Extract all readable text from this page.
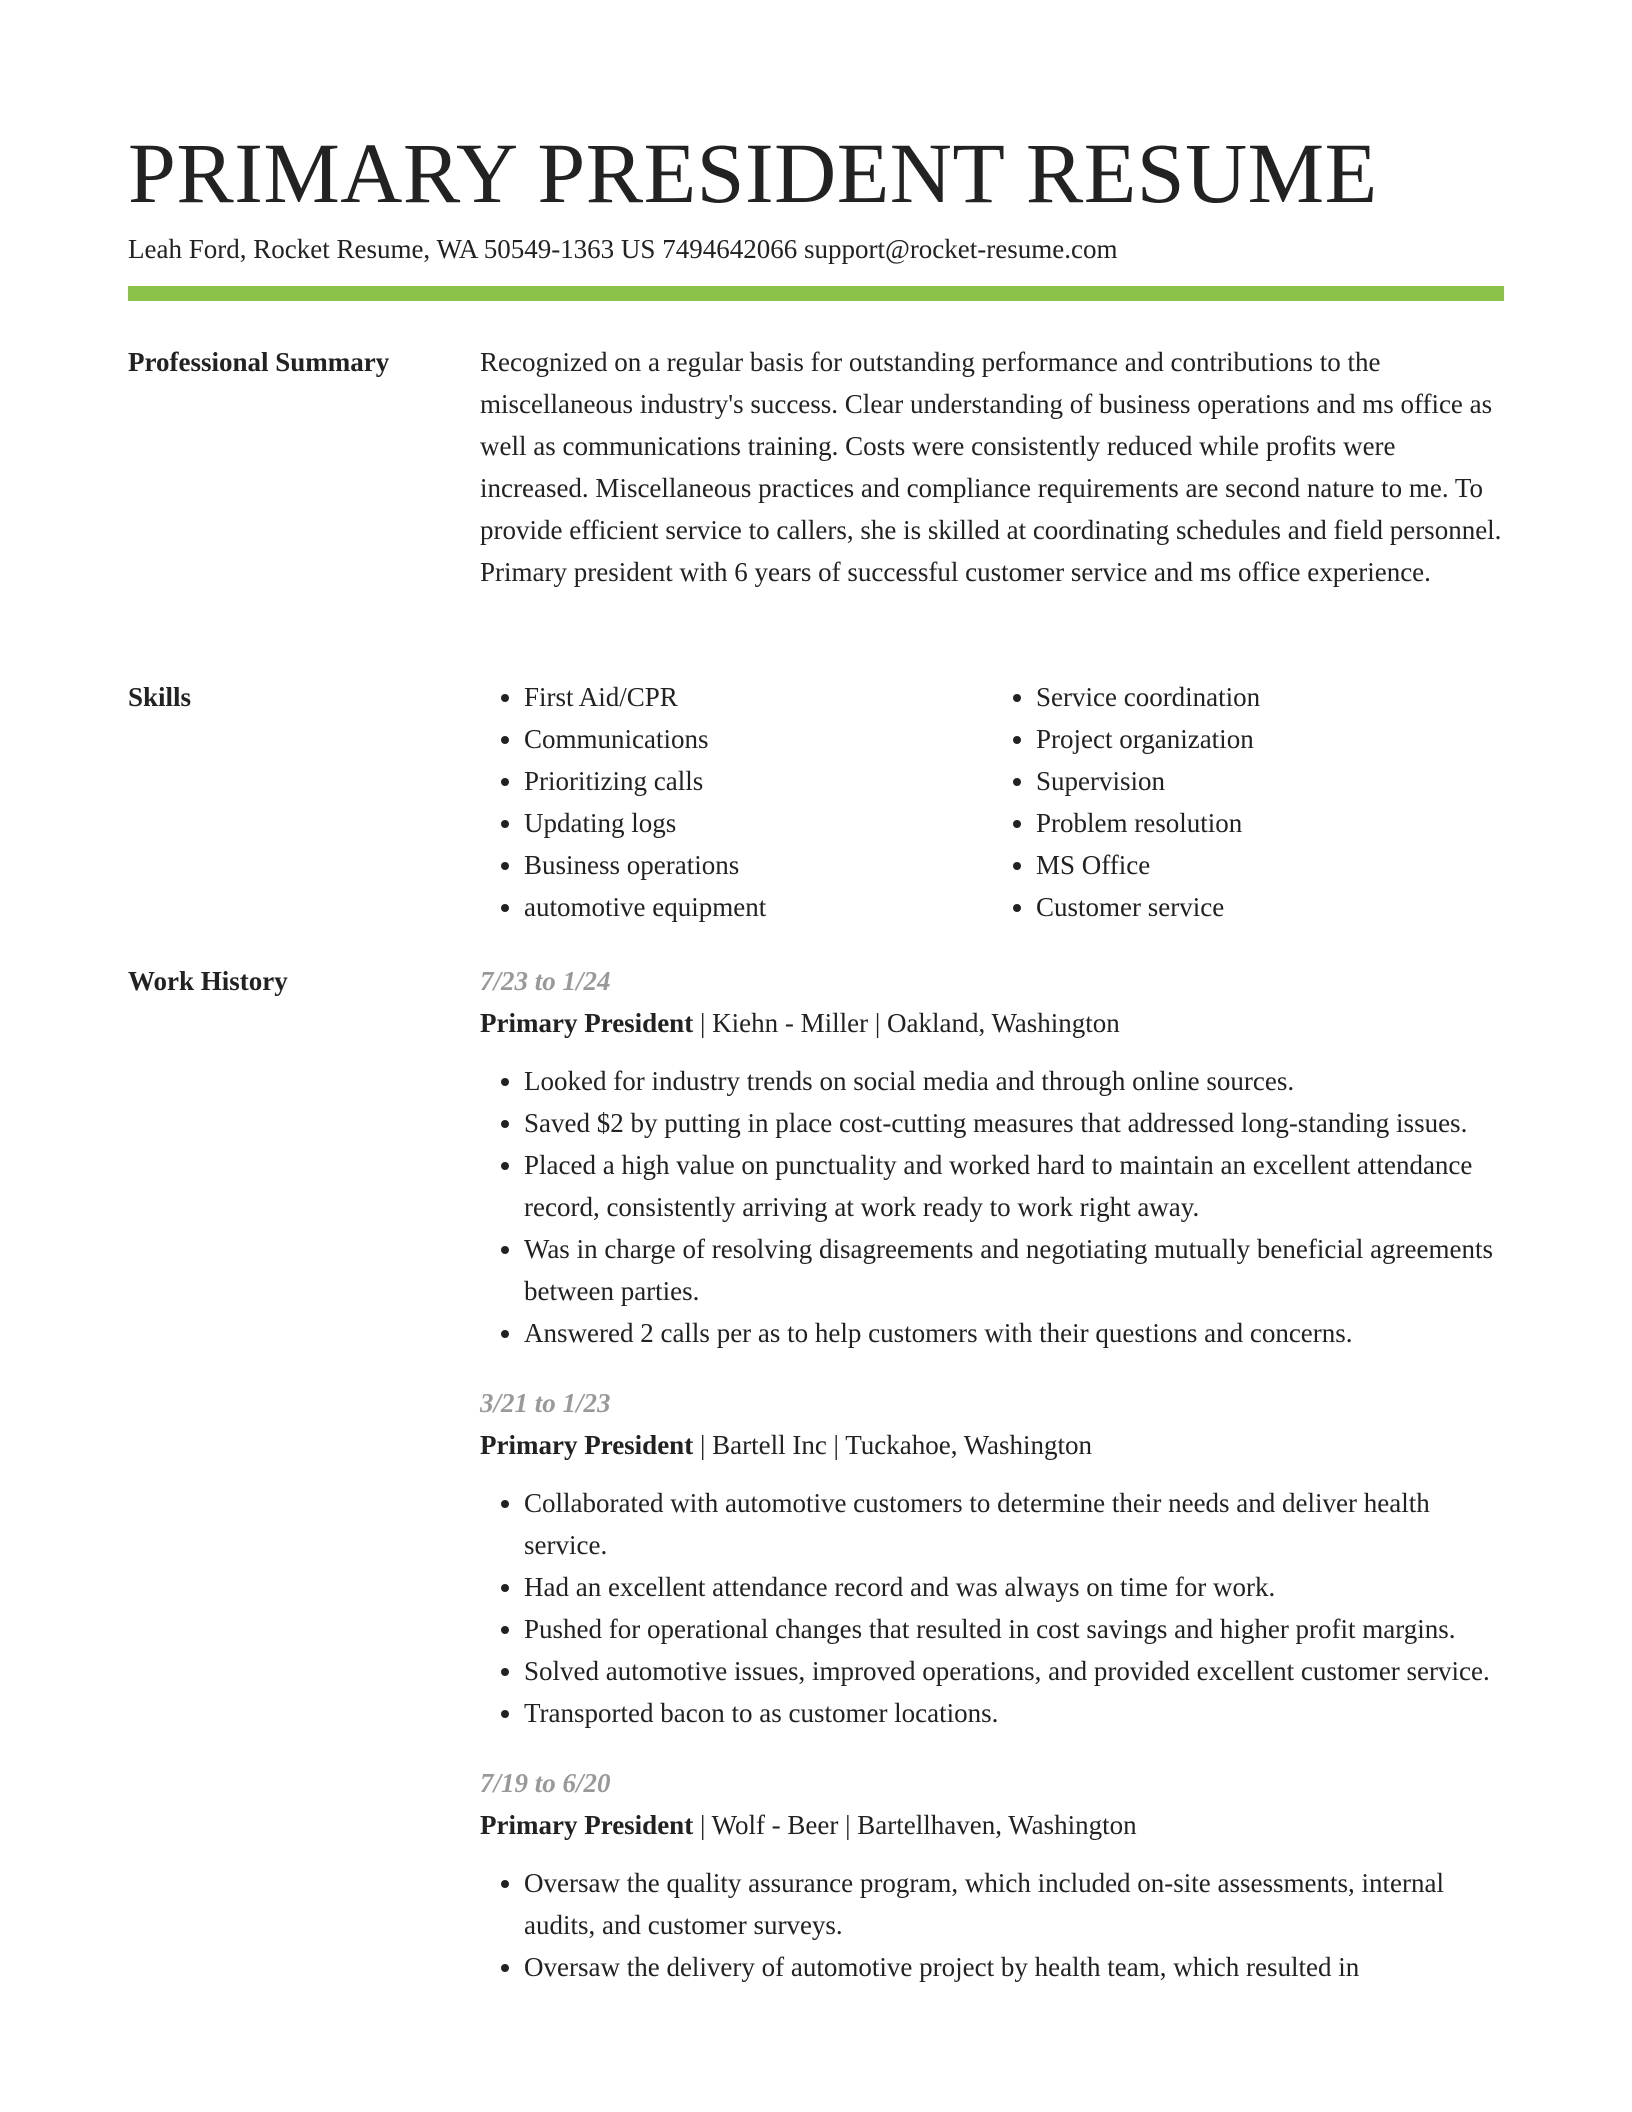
PRIMARY PRESIDENT RESUME
Leah Ford, Rocket Resume, WA 50549-1363 US 7494642066 support@rocket-resume.com
Professional Summary	Recognized on a regular basis for outstanding performance and contributions to the miscellaneous industry's success. Clear understanding of business operations and ms office as well as communications training. Costs were consistently reduced while profits were increased. Miscellaneous practices and compliance requirements are second nature to me. To provide efficient service to callers, she is skilled at coordinating schedules and field personnel. Primary president with 6 years of successful customer service and ms office experience.

Skills
•	First Aid/CPR
• Communications
• Prioritizing calls
• Updating logs
• Business operations
• automotive equipment
• Service coordination
• Project organization
• Supervision
• Problem resolution
• MS Office
• Customer service
Work History	7/23 to 1/24
Primary President | Kiehn - Miller | Oakland, Washington
• Looked for industry trends on social media and through online sources.
• Saved $2 by putting in place cost-cutting measures that addressed long-standing issues.
• Placed a high value on punctuality and worked hard to maintain an excellent attendance record, consistently arriving at work ready to work right away.
• Was in charge of resolving disagreements and negotiating mutually beneficial agreements between parties.
• Answered 2 calls per as to help customers with their questions and concerns.
3/21 to 1/23
Primary President | Bartell Inc | Tuckahoe, Washington
• Collaborated with automotive customers to determine their needs and deliver health service.
• Had an excellent attendance record and was always on time for work.
• Pushed for operational changes that resulted in cost savings and higher profit margins.
• Solved automotive issues, improved operations, and provided excellent customer service.
• Transported bacon to as customer locations.
7/19 to 6/20
Primary President | Wolf - Beer | Bartellhaven, Washington
• Oversaw the quality assurance program, which included on-site assessments, internal audits, and customer surveys.
• Oversaw the delivery of automotive project by health team, which resulted in
